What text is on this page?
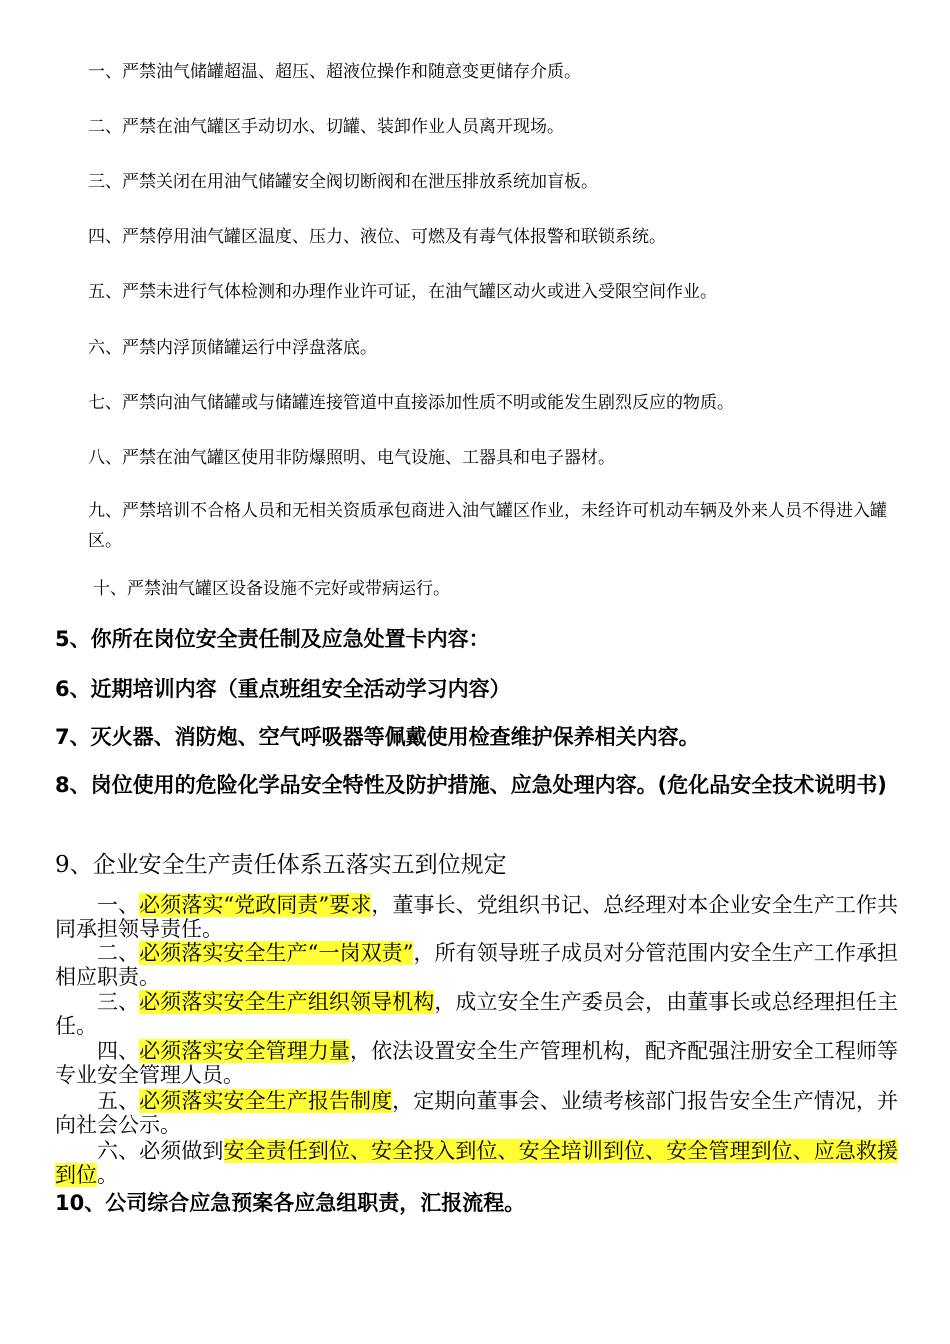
一、严禁油气储罐超温、超压、超液位操作和随意变更储存介质。
二、严禁在油气罐区手动切水、切罐、装卸作业人员离开现场。
三、严禁关闭在用油气储罐安全阀切断阀和在泄压排放系统加盲板。
四、严禁停用油气罐区温度、压力、液位、可燃及有毒气体报警和联锁系统。
五、严禁未进行气体检测和办理作业许可证，在油气罐区动火或进入受限空间作业。
六、严禁内浮顶储罐运行中浮盘落底。
七、严禁向油气储罐或与储罐连接管道中直接添加性质不明或能发生剧烈反应的物质。
八、严禁在油气罐区使用非防爆照明、电气设施、工器具和电子器材。
九、严禁培训不合格人员和无相关资质承包商进入油气罐区作业，未经许可机动车辆及外来人员不得进入罐区。
十、严禁油气罐区设备设施不完好或带病运行。
5、你所在岗位安全责任制及应急处置卡内容：
6、近期培训内容（重点班组安全活动学习内容）
7、灭火器、消防炮、空气呼吸器等佩戴使用检查维护保养相关内容。
8、岗位使用的危险化学品安全特性及防护措施、应急处理内容。(危化品安全技术说明书)
9、企业安全生产责任体系五落实五到位规定
一、必须落实“党政同责”要求，董事长、党组织书记、总经理对本企业安全生产工作共同承担领导责任。
二、必须落实安全生产“一岗双责”，所有领导班子成员对分管范围内安全生产工作承担相应职责。
三、必须落实安全生产组织领导机构，成立安全生产委员会，由董事长或总经理担任主任。
四、必须落实安全管理力量，依法设置安全生产管理机构，配齐配强注册安全工程师等专业安全管理人员。
五、必须落实安全生产报告制度，定期向董事会、业绩考核部门报告安全生产情况，并向社会公示。
六、必须做到安全责任到位、安全投入到位、安全培训到位、安全管理到位、应急救援到位。
10、公司综合应急预案各应急组职责，汇报流程。
